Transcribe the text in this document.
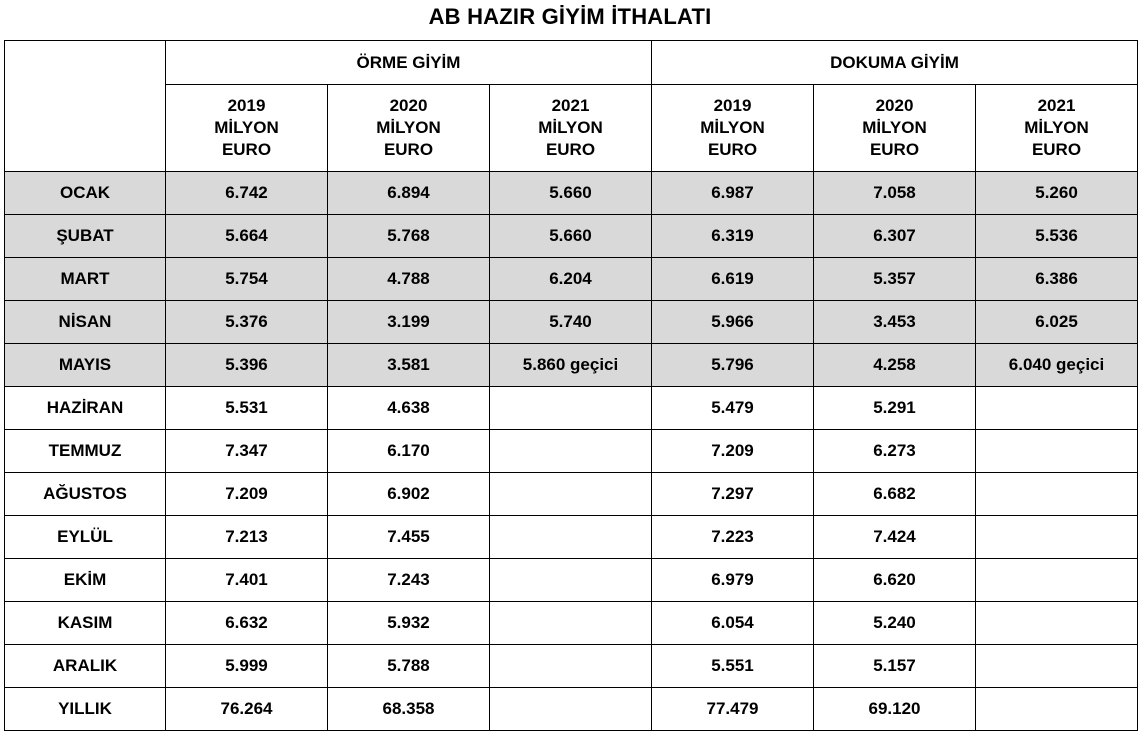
AB HAZIR GİYİM İTHALATI
	ÖRME GİYİM			DOKUMA GİYİM		
	2019
MİLYON
EURO	2020
MİLYON
EURO	2021
MİLYON
EURO	2019
MİLYON
EURO	2020
MİLYON
EURO	2021
MİLYON
EURO
OCAK	6.742	6.894	5.660	6.987	7.058	5.260
ŞUBAT	5.664	5.768	5.660	6.319	6.307	5.536
MART	5.754	4.788	6.204	6.619	5.357	6.386
NİSAN	5.376	3.199	5.740	5.966	3.453	6.025
MAYIS	5.396	3.581	5.860 geçici	5.796	4.258	6.040 geçici
HAZİRAN	5.531	4.638		5.479	5.291	
TEMMUZ	7.347	6.170		7.209	6.273	
AĞUSTOS	7.209	6.902		7.297	6.682	
EYLÜL	7.213	7.455		7.223	7.424	
EKİM	7.401	7.243		6.979	6.620	
KASIM	6.632	5.932		6.054	5.240	
ARALIK	5.999	5.788		5.551	5.157	
YILLIK	76.264	68.358		77.479	69.120	
